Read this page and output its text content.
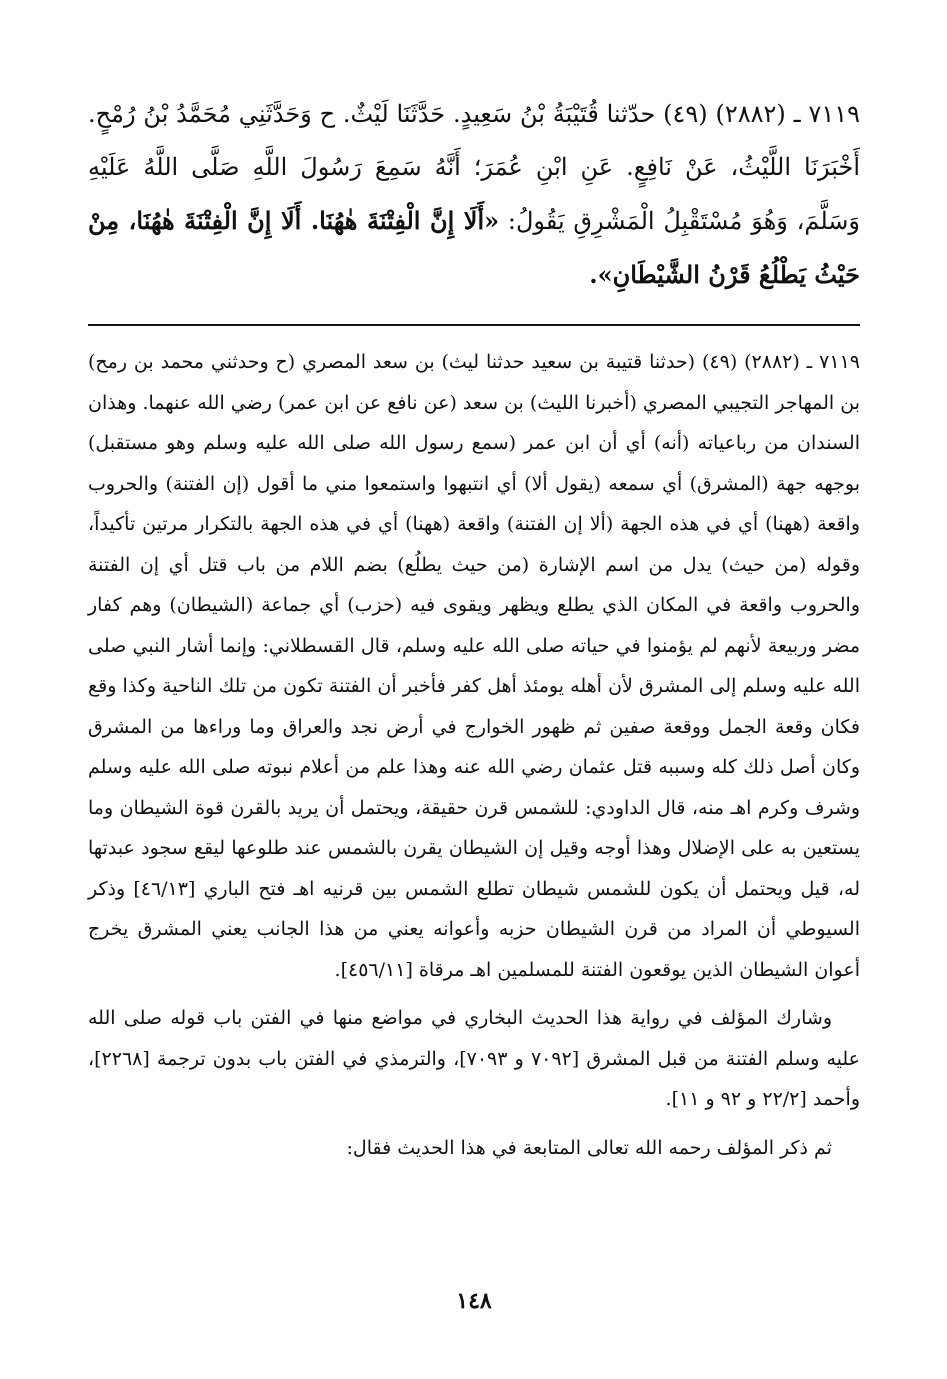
٧١١٩ ـ (٢٨٨٢) (٤٩) حدّثنا قُتَيْبَةُ بْنُ سَعِيدٍ. حَدَّثَنَا لَيْثٌ. ح وَحَدَّثَنِي مُحَمَّدُ بْنُ رُمْحٍ. أَخْبَرَنَا اللَّيْثُ، عَنْ نَافِعٍ. عَنِ ابْنِ عُمَرَ؛ أَنَّهُ سَمِعَ رَسُولَ اللَّهِ صَلَّى اللَّهُ عَلَيْهِ وَسَلَّمَ، وَهُوَ مُسْتَقْبِلُ الْمَشْرِقِ يَقُولُ: «أَلَا إِنَّ الْفِتْنَةَ هٰهُنَا. أَلَا إِنَّ الْفِتْنَةَ هٰهُنَا، مِنْ حَيْثُ يَطْلُعُ قَرْنُ الشَّيْطَانِ».

٧١١٩ ـ (٢٨٨٢) (٤٩) (حدثنا قتيبة بن سعيد حدثنا ليث) بن سعد المصري (ح وحدثني محمد بن رمح) بن المهاجر التجيبي المصري (أخبرنا الليث) بن سعد (عن نافع عن ابن عمر) رضي الله عنهما. وهذان السندان من رباعياته (أنه) أي أن ابن عمر (سمع رسول الله صلى الله عليه وسلم وهو مستقبل) بوجهه جهة (المشرق) أي سمعه (يقول ألا) أي انتبهوا واستمعوا مني ما أقول (إن الفتنة) والحروب واقعة (ههنا) أي في هذه الجهة (ألا إن الفتنة) واقعة (ههنا) أي في هذه الجهة بالتكرار مرتين تأكيداً، وقوله (من حيث) يدل من اسم الإشارة (من حيث يطلُع) بضم اللام من باب قتل أي إن الفتنة والحروب واقعة في المكان الذي يطلع ويظهر ويقوى فيه (حزب) أي جماعة (الشيطان) وهم كفار مضر وربيعة لأنهم لم يؤمنوا في حياته صلى الله عليه وسلم، قال القسطلاني: وإنما أشار النبي صلى الله عليه وسلم إلى المشرق لأن أهله يومئذ أهل كفر فأخبر أن الفتنة تكون من تلك الناحية وكذا وقع فكان وقعة الجمل ووقعة صفين ثم ظهور الخوارج في أرض نجد والعراق وما وراءها من المشرق وكان أصل ذلك كله وسببه قتل عثمان رضي الله عنه وهذا علم من أعلام نبوته صلى الله عليه وسلم وشرف وكرم اهـ منه، قال الداودي: للشمس قرن حقيقة، ويحتمل أن يريد بالقرن قوة الشيطان وما يستعين به على الإضلال وهذا أوجه وقيل إن الشيطان يقرن بالشمس عند طلوعها ليقع سجود عبدتها له، قيل ويحتمل أن يكون للشمس شيطان تطلع الشمس بين قرنيه اهـ فتح الباري [٤٦/١٣] وذكر السيوطي أن المراد من قرن الشيطان حزبه وأعوانه يعني من هذا الجانب يعني المشرق يخرج أعوان الشيطان الذين يوقعون الفتنة للمسلمين اهـ مرقاة [٤٥٦/١١].

وشارك المؤلف في رواية هذا الحديث البخاري في مواضع منها في الفتن باب قوله صلى الله عليه وسلم الفتنة من قبل المشرق [٧٠٩٢ و ٧٠٩٣]، والترمذي في الفتن باب بدون ترجمة [٢٢٦٨]، وأحمد [٢٢/٢ و ٩٢ و ١١].

ثم ذكر المؤلف رحمه الله تعالى المتابعة في هذا الحديث فقال:

١٤٨
